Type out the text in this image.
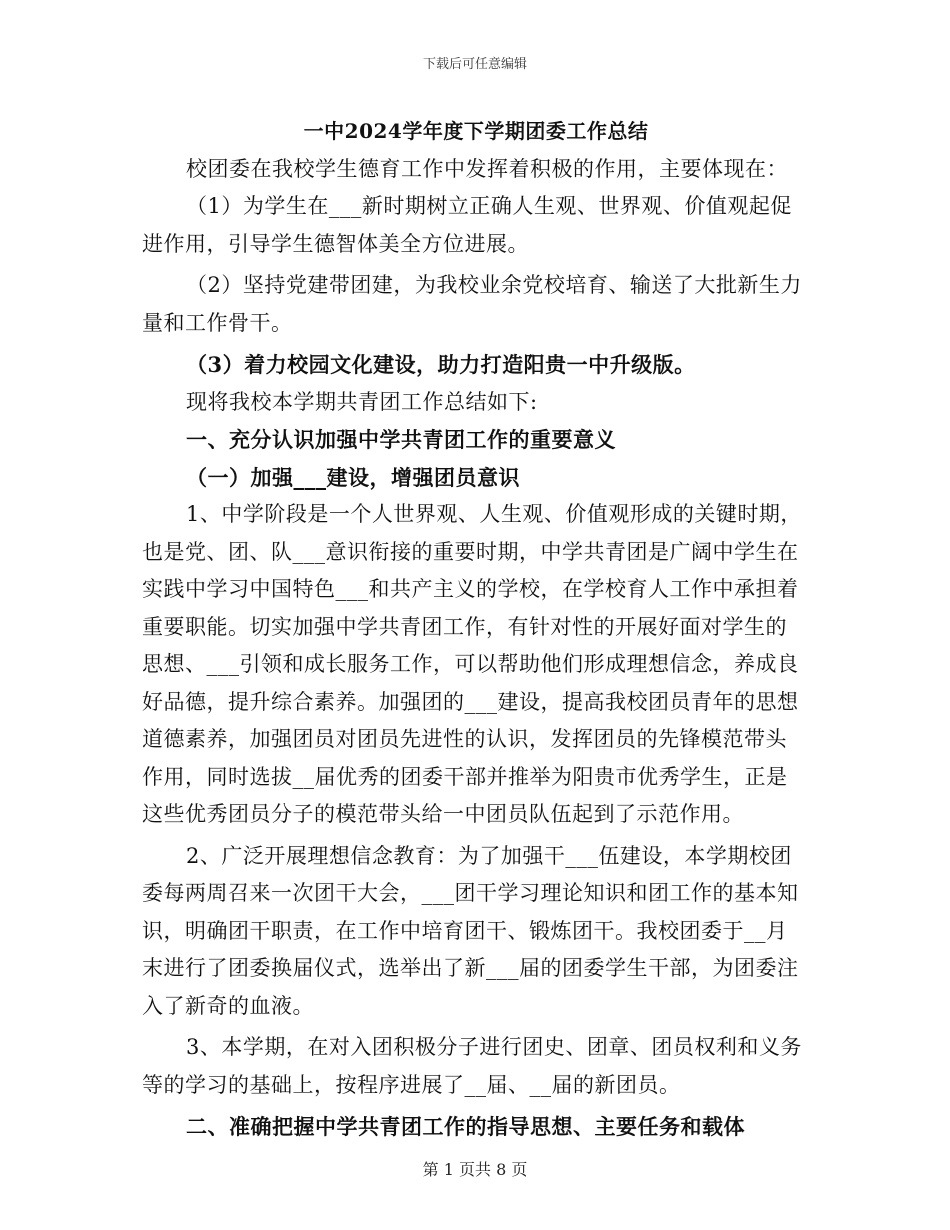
下载后可任意编辑
一中2024学年度下学期团委工作总结
校团委在我校学生德育工作中发挥着积极的作用，主要体现在：
（1）为学生在___新时期树立正确人生观、世界观、价值观起促
进作用，引导学生德智体美全方位进展。
（2）坚持党建带团建，为我校业余党校培育、输送了大批新生力
量和工作骨干。
（3）着力校园文化建设，助力打造阳贵一中升级版。
现将我校本学期共青团工作总结如下:
一、充分认识加强中学共青团工作的重要意义
（一）加强___建设，增强团员意识
1、中学阶段是一个人世界观、人生观、价值观形成的关键时期，
也是党、团、队___意识衔接的重要时期，中学共青团是广阔中学生在
实践中学习中国特色___和共产主义的学校，在学校育人工作中承担着
重要职能。切实加强中学共青团工作，有针对性的开展好面对学生的
思想、___引领和成长服务工作，可以帮助他们形成理想信念，养成良
好品德，提升综合素养。加强团的___建设，提高我校团员青年的思想
道德素养，加强团员对团员先进性的认识，发挥团员的先锋模范带头
作用，同时选拔__届优秀的团委干部并推举为阳贵市优秀学生，正是
这些优秀团员分子的模范带头给一中团员队伍起到了示范作用。
2、广泛开展理想信念教育：为了加强干___伍建设，本学期校团
委每两周召来一次团干大会，___团干学习理论知识和团工作的基本知
识，明确团干职责，在工作中培育团干、锻炼团干。我校团委于__月
末进行了团委换届仪式，选举出了新___届的团委学生干部，为团委注
入了新奇的血液。
3、本学期，在对入团积极分子进行团史、团章、团员权利和义务
等的学习的基础上，按程序进展了__届、__届的新团员。
二、准确把握中学共青团工作的指导思想、主要任务和载体
第 1 页共 8 页
